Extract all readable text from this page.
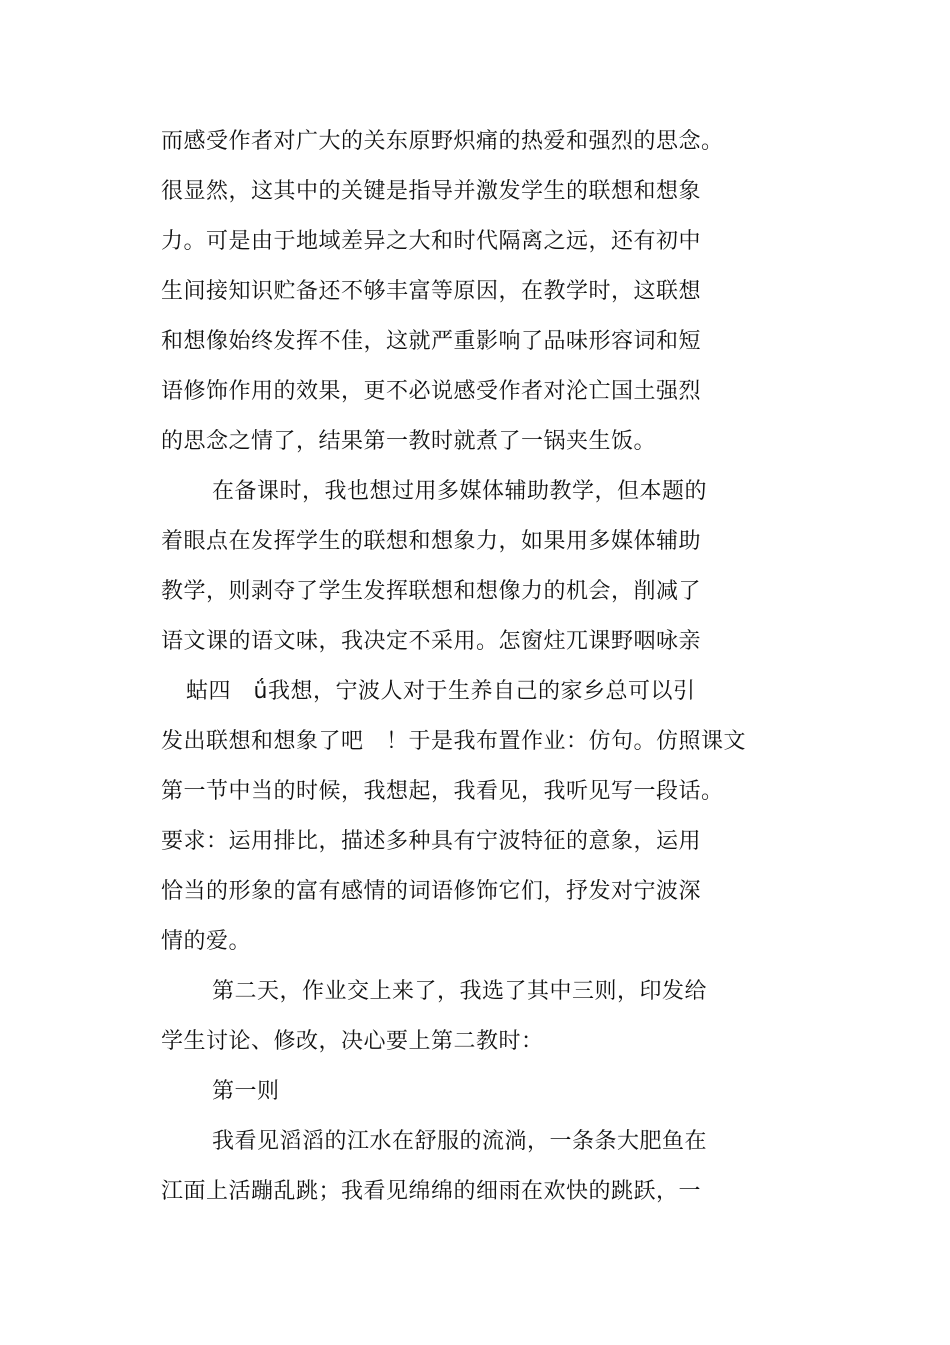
而感受作者对广大的关东原野炽痛的热爱和强烈的思念。
很显然，这其中的关键是指导并激发学生的联想和想象
力。可是由于地域差异之大和时代隔离之远，还有初中
生间接知识贮备还不够丰富等原因，在教学时，这联想
和想像始终发挥不佳，这就严重影响了品味形容词和短
语修饰作用的效果，更不必说感受作者对沦亡国土强烈
的思念之情了，结果第一教时就煮了一锅夹生饭。
在备课时，我也想过用多媒体辅助教学，但本题的
着眼点在发挥学生的联想和想象力，如果用多媒体辅助
教学，则剥夺了学生发挥联想和想像力的机会，削减了
语文课的语文味，我决定不采用。怎窗炷兀课野咽咏亲
蛄四　ǘ我想，宁波人对于生养自己的家乡总可以引
发出联想和想象了吧　！于是我布置作业：仿句。仿照课文
第一节中当的时候，我想起，我看见，我听见写一段话。
要求：运用排比，描述多种具有宁波特征的意象，运用
恰当的形象的富有感情的词语修饰它们，抒发对宁波深
情的爱。
第二天，作业交上来了，我选了其中三则，印发给
学生讨论、修改，决心要上第二教时：
第一则
我看见滔滔的江水在舒服的流淌，一条条大肥鱼在
江面上活蹦乱跳；我看见绵绵的细雨在欢快的跳跃，一
